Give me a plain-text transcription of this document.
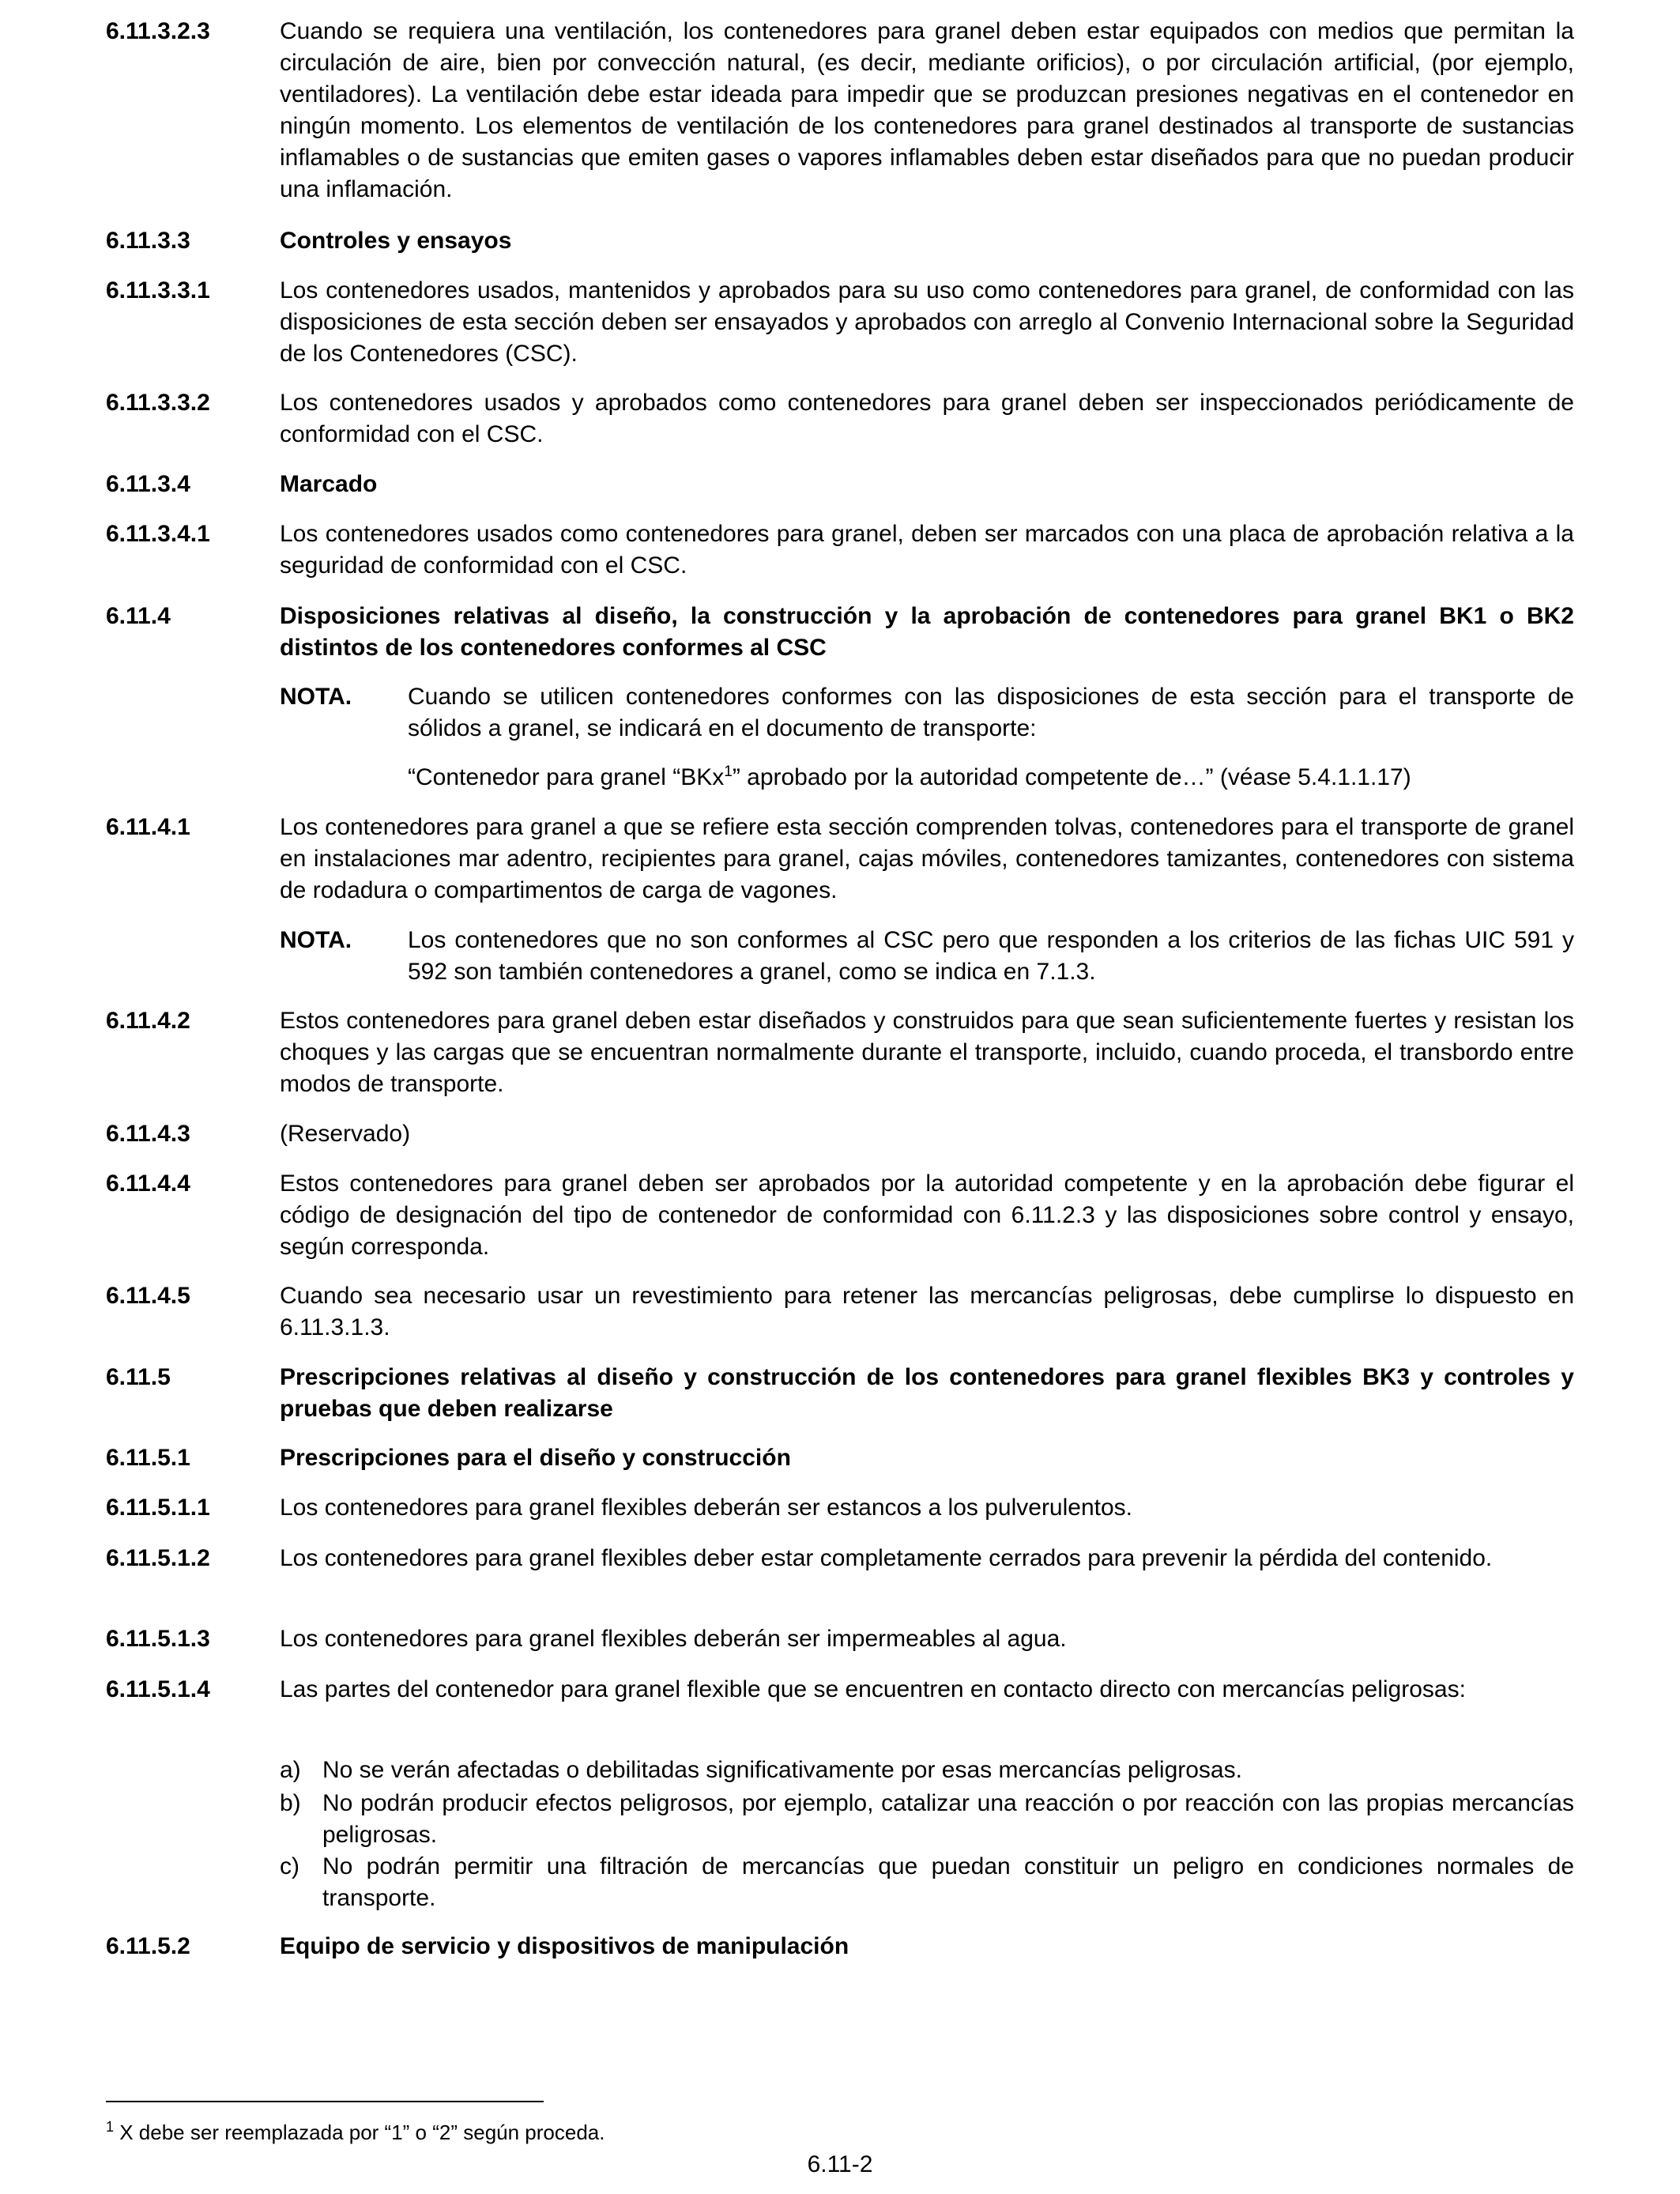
6.11.3.2.3	Cuando se requiera una ventilación, los contenedores para granel deben estar equipados con medios que permitan la circulación de aire, bien por convección natural, (es decir, mediante orificios), o por circulación artificial, (por ejemplo, ventiladores). La ventilación debe estar ideada para impedir que se produzcan presiones negativas en el contenedor en ningún momento. Los elementos de ventilación de los contenedores para granel destinados al transporte de sustancias inflamables o de sustancias que emiten gases o vapores inflamables deben estar diseñados para que no puedan producir una inflamación.
6.11.3.3	Controles y ensayos
6.11.3.3.1	Los contenedores usados, mantenidos y aprobados para su uso como contenedores para granel, de conformidad con las disposiciones de esta sección deben ser ensayados y aprobados con arreglo al Convenio Internacional sobre la Seguridad de los Contenedores (CSC).
6.11.3.3.2	Los contenedores usados y aprobados como contenedores para granel deben ser inspeccionados periódicamente de conformidad con el CSC.
6.11.3.4	Marcado
6.11.3.4.1	Los contenedores usados como contenedores para granel, deben ser marcados con una placa de aprobación relativa a la seguridad de conformidad con el CSC.
6.11.4	Disposiciones relativas al diseño, la construcción y la aprobación de contenedores para granel BK1 o BK2 distintos de los contenedores conformes al CSC
NOTA. Cuando se utilicen contenedores conformes con las disposiciones de esta sección para el transporte de sólidos a granel, se indicará en el documento de transporte:
“Contenedor para granel “BKx$^1$” aprobado por la autoridad competente de…” (véase 5.4.1.1.17)
6.11.4.1	Los contenedores para granel a que se refiere esta sección comprenden tolvas, contenedores para el transporte de granel en instalaciones mar adentro, recipientes para granel, cajas móviles, contenedores tamizantes, contenedores con sistema de rodadura o compartimentos de carga de vagones.
NOTA. Los contenedores que no son conformes al CSC pero que responden a los criterios de las fichas UIC 591 y 592 son también contenedores a granel, como se indica en 7.1.3.
6.11.4.2	Estos contenedores para granel deben estar diseñados y construidos para que sean suficientemente fuertes y resistan los choques y las cargas que se encuentran normalmente durante el transporte, incluido, cuando proceda, el transbordo entre modos de transporte.
6.11.4.3	(Reservado)
6.11.4.4	Estos contenedores para granel deben ser aprobados por la autoridad competente y en la aprobación debe figurar el código de designación del tipo de contenedor de conformidad con 6.11.2.3 y las disposiciones sobre control y ensayo, según corresponda.
6.11.4.5	Cuando sea necesario usar un revestimiento para retener las mercancías peligrosas, debe cumplirse lo dispuesto en 6.11.3.1.3.
6.11.5	Prescripciones relativas al diseño y construcción de los contenedores para granel flexibles BK3 y controles y pruebas que deben realizarse
6.11.5.1	Prescripciones para el diseño y construcción
6.11.5.1.1	Los contenedores para granel flexibles deberán ser estancos a los pulverulentos.
6.11.5.1.2	Los contenedores para granel flexibles deber estar completamente cerrados para prevenir la pérdida del contenido.
6.11.5.1.3	Los contenedores para granel flexibles deberán ser impermeables al agua.
6.11.5.1.4	Las partes del contenedor para granel flexible que se encuentren en contacto directo con mercancías peligrosas:
a) No se verán afectadas o debilitadas significativamente por esas mercancías peligrosas.
b) No podrán producir efectos peligrosos, por ejemplo, catalizar una reacción o por reacción con las propias mercancías peligrosas.
c) No podrán permitir una filtración de mercancías que puedan constituir un peligro en condiciones normales de transporte.
6.11.5.2	Equipo de servicio y dispositivos de manipulación
$^1$ X debe ser reemplazada por “1” o “2” según proceda.
6.11-2
